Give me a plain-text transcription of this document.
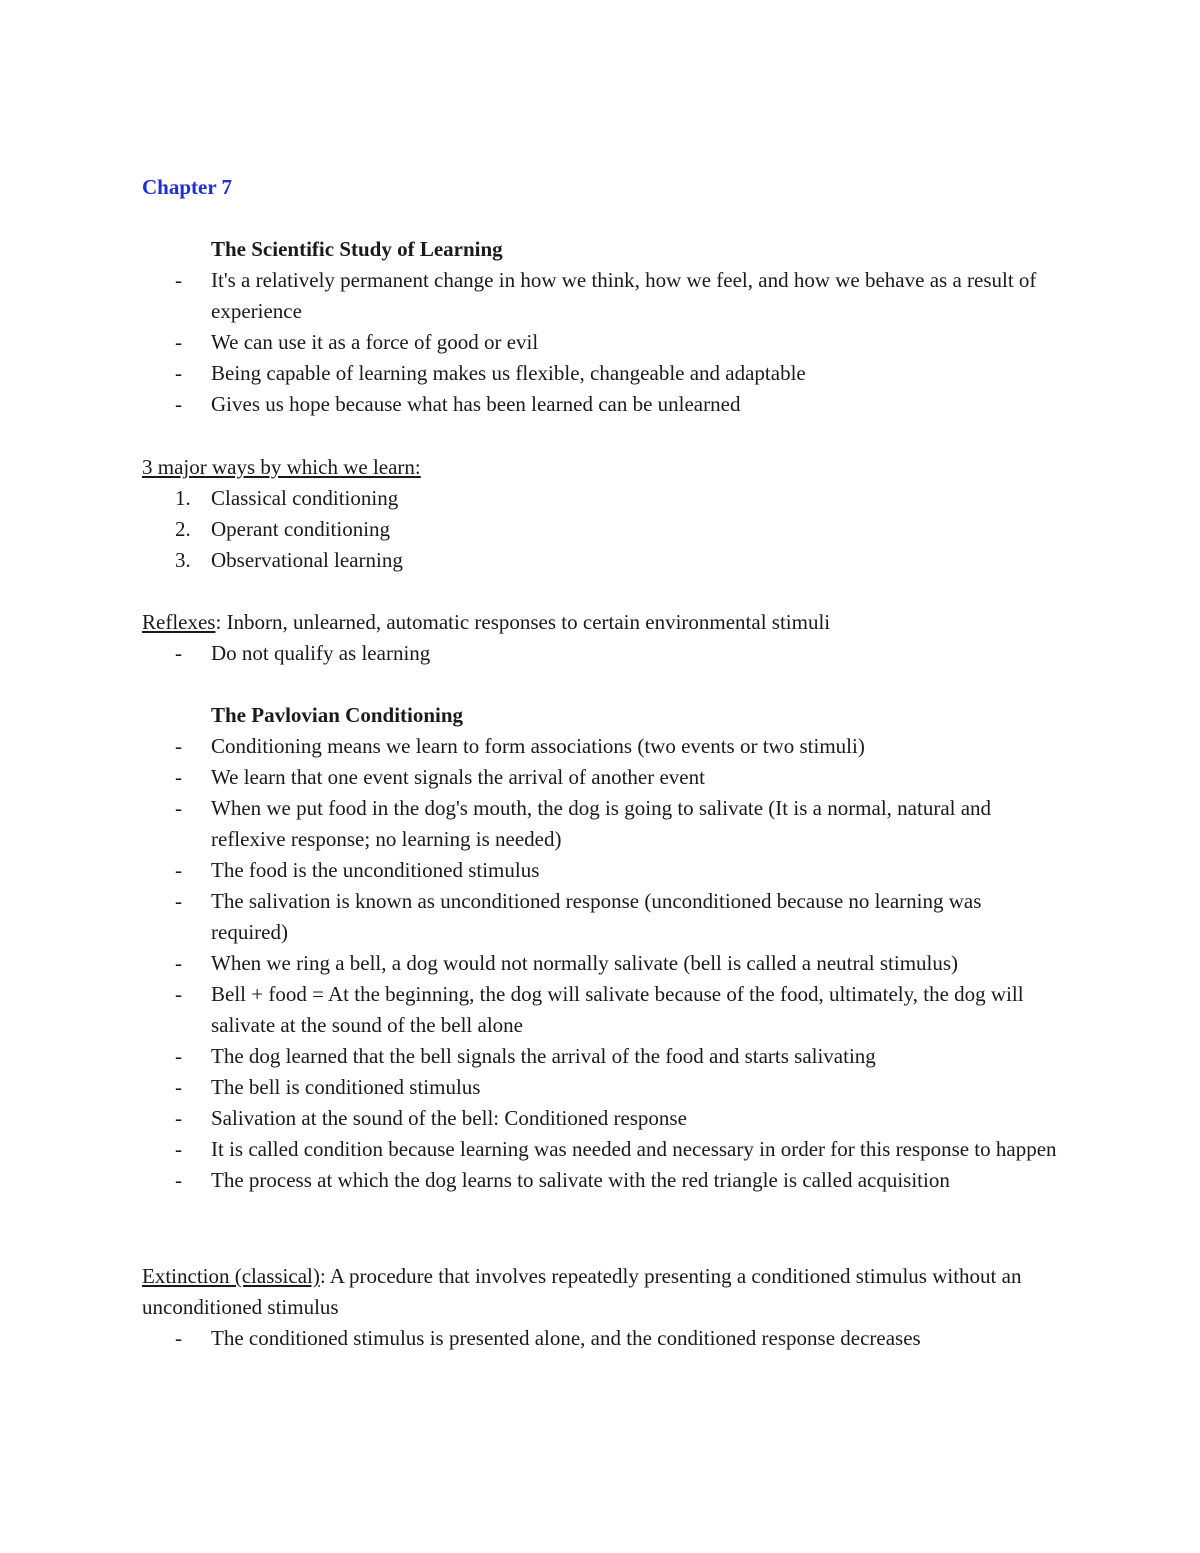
Chapter 7

The Scientific Study of Learning

- It's a relatively permanent change in how we think, how we feel, and how we behave as a result of experience
- We can use it as a force of good or evil
- Being capable of learning makes us flexible, changeable and adaptable
- Gives us hope because what has been learned can be unlearned

3 major ways by which we learn:

1. Classical conditioning
2. Operant conditioning
3. Observational learning

Reflexes: Inborn, unlearned, automatic responses to certain environmental stimuli

- Do not qualify as learning

The Pavlovian Conditioning

- Conditioning means we learn to form associations (two events or two stimuli)
- We learn that one event signals the arrival of another event
- When we put food in the dog's mouth, the dog is going to salivate (It is a normal, natural and reflexive response; no learning is needed)
- The food is the unconditioned stimulus
- The salivation is known as unconditioned response (unconditioned because no learning was required)
- When we ring a bell, a dog would not normally salivate (bell is called a neutral stimulus)
- Bell + food = At the beginning, the dog will salivate because of the food, ultimately, the dog will salivate at the sound of the bell alone
- The dog learned that the bell signals the arrival of the food and starts salivating
- The bell is conditioned stimulus
- Salivation at the sound of the bell: Conditioned response
- It is called condition because learning was needed and necessary in order for this response to happen
- The process at which the dog learns to salivate with the red triangle is called acquisition

Extinction (classical): A procedure that involves repeatedly presenting a conditioned stimulus without an unconditioned stimulus

- The conditioned stimulus is presented alone, and the conditioned response decreases
